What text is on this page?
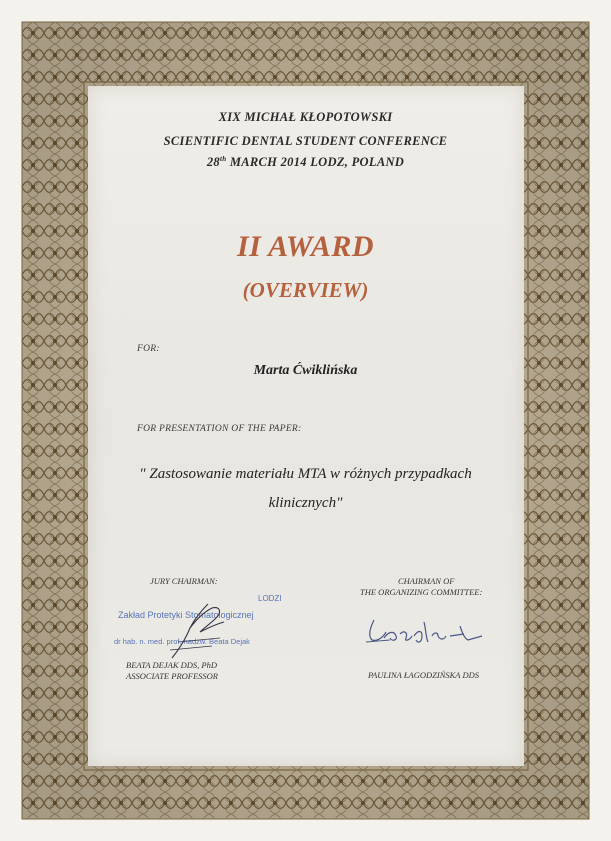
XIX MICHAŁ KŁOPOTOWSKI
SCIENTIFIC DENTAL STUDENT CONFERENCE
28th MARCH 2014 LODZ, POLAND
II AWARD
(OVERVIEW)
FOR:
Marta Ćwiklińska
FOR PRESENTATION OF THE PAPER:
" Zastosowanie materiału MTA w różnych przypadkach
klinicznych"
JURY CHAIRMAN:
LODZI
Zakład Protetyki Stomatologicznej
dr hab. n. med. prof. nadzw. Beata Dejak
BEATA DEJAK DDS, PhD
ASSOCIATE PROFESSOR
CHAIRMAN OF
THE ORGANIZING COMMITTEE:
PAULINA ŁAGODZIŃSKA DDS
